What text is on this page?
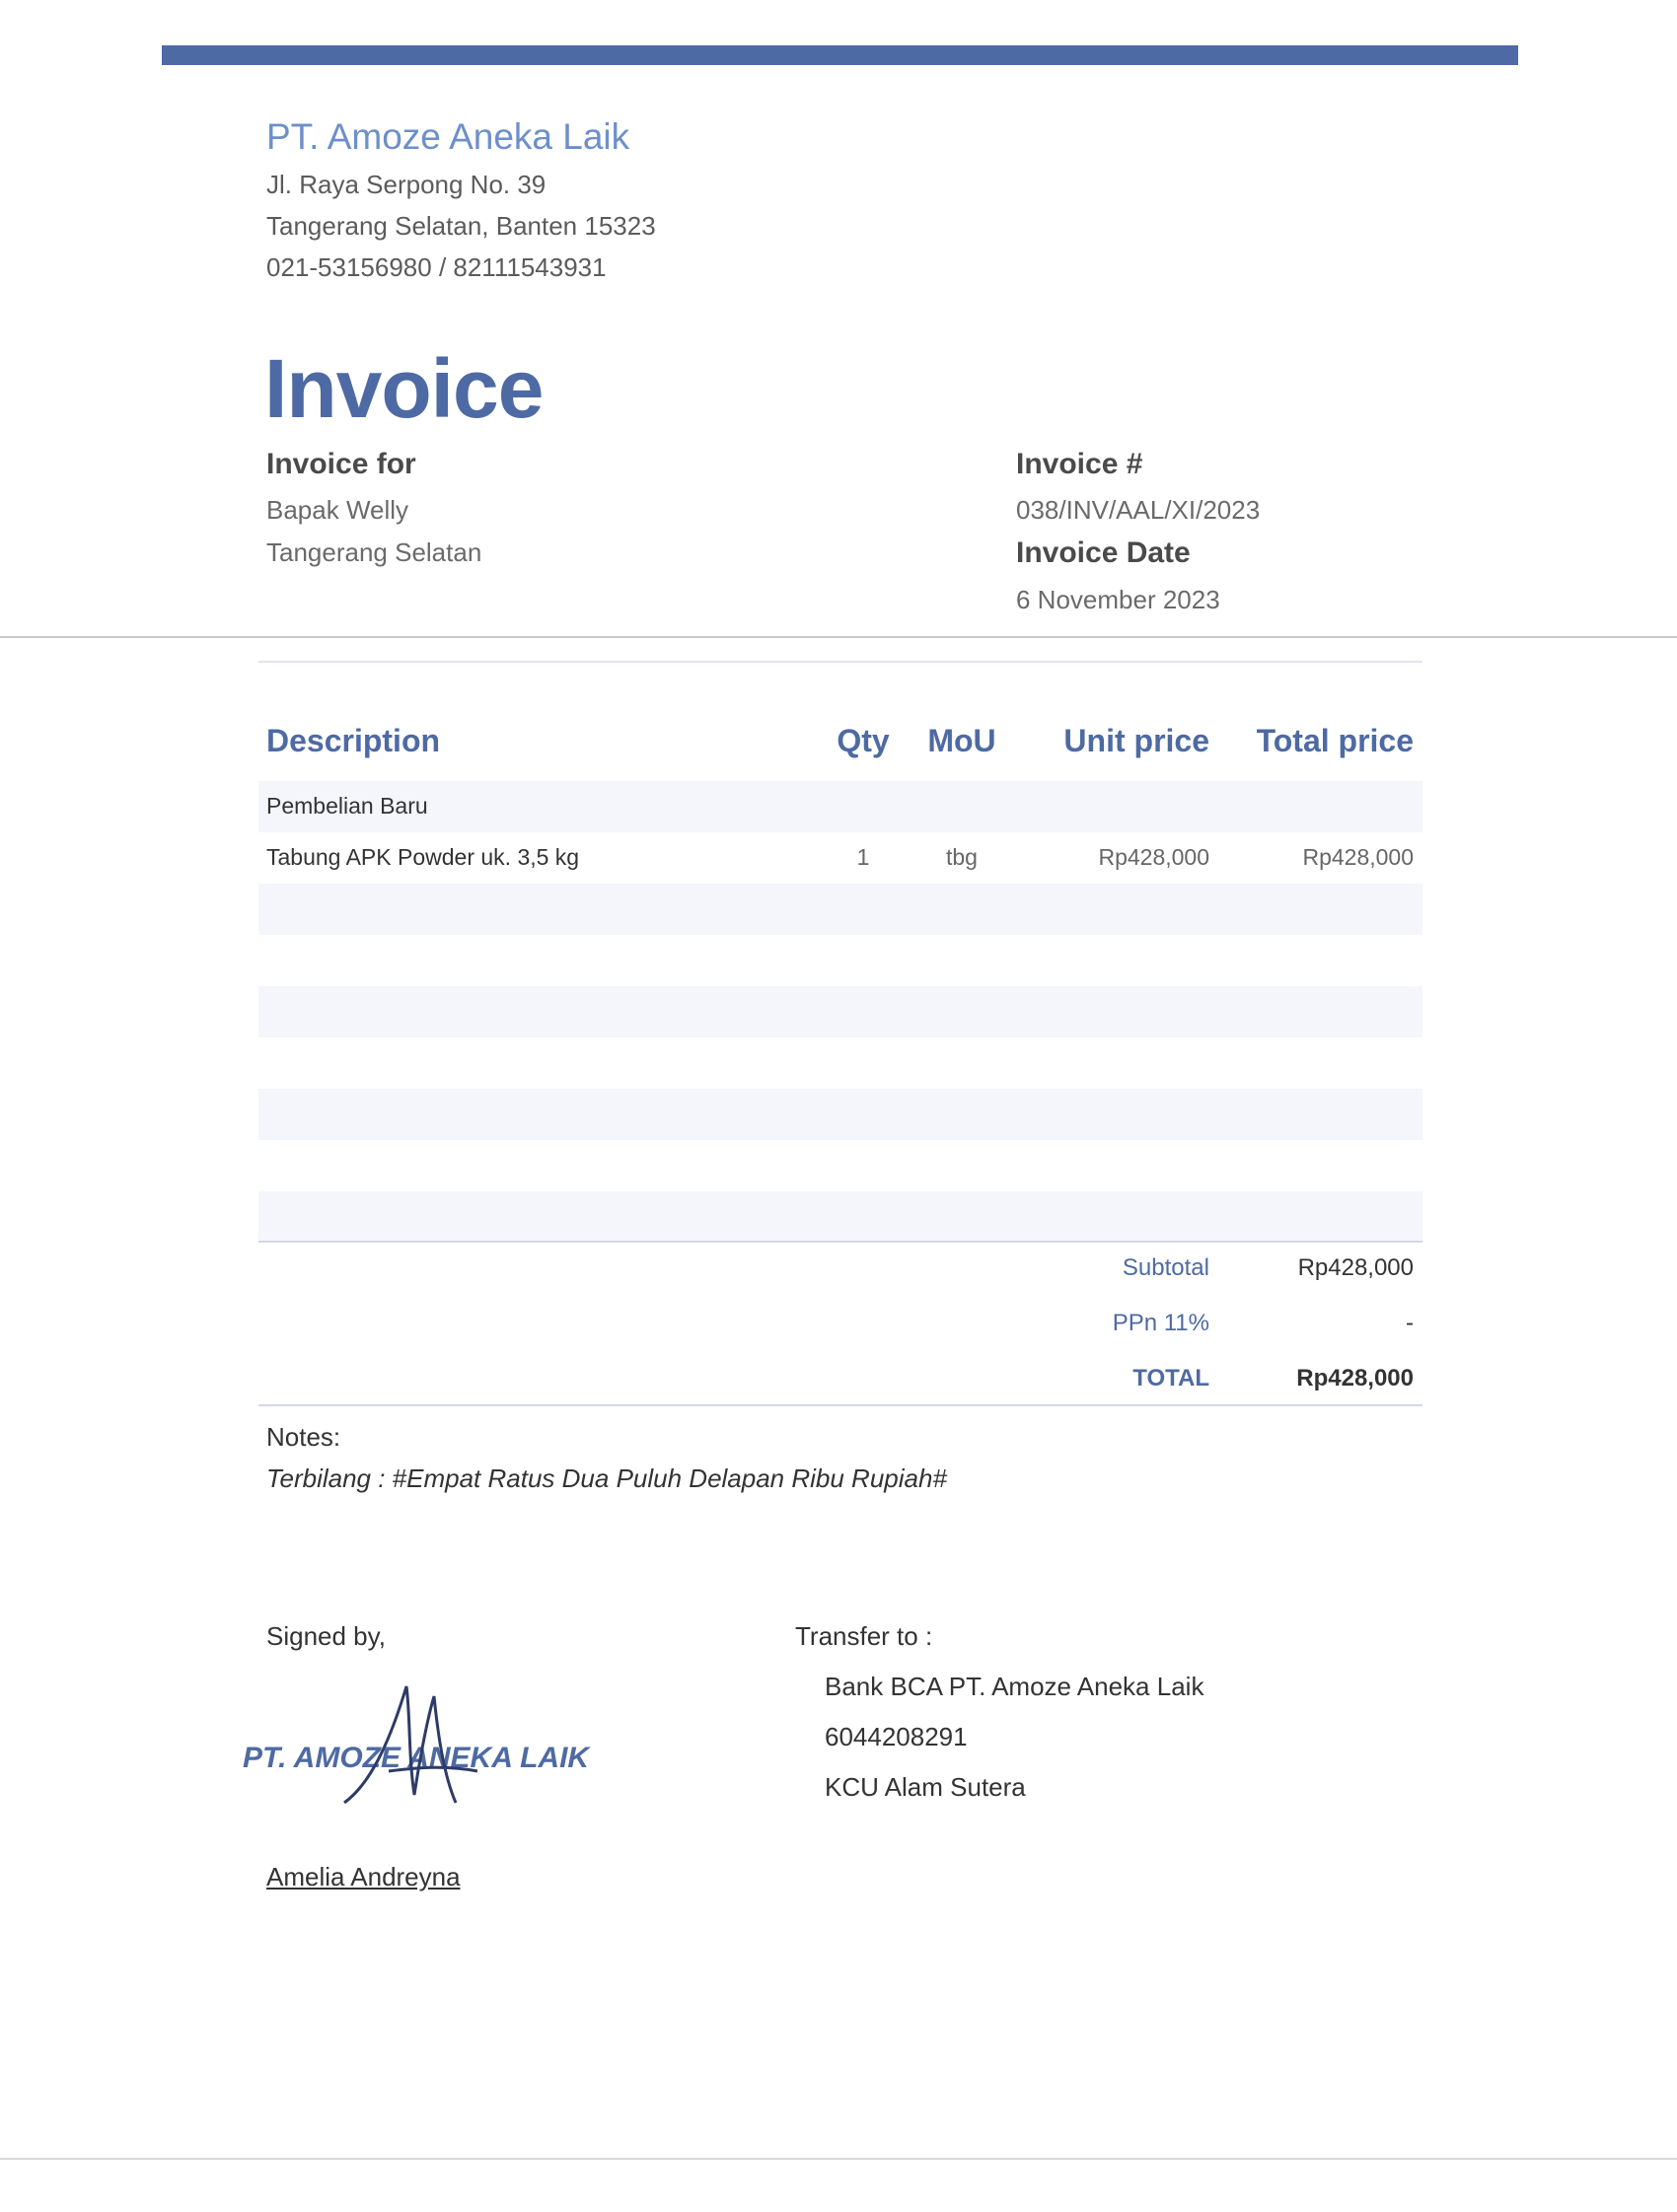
PT. Amoze Aneka Laik
Jl. Raya Serpong No. 39
Tangerang Selatan, Banten 15323
021-53156980 / 82111543931
Invoice
Invoice for
Bapak Welly
Tangerang Selatan
Invoice #
038/INV/AAL/XI/2023
Invoice Date
6 November 2023
Description	Qty	MoU	Unit price	Total price
Pembelian Baru
Tabung APK Powder uk. 3,5 kg	1	tbg	Rp428,000	Rp428,000
Subtotal	Rp428,000
PPn 11%	-
TOTAL	Rp428,000
Notes:
Terbilang : #Empat Ratus Dua Puluh Delapan Ribu Rupiah#
Signed by,
PT. AMOZE ANEKA LAIK
Amelia Andreyna
Transfer to :
Bank BCA PT. Amoze Aneka Laik
6044208291
KCU Alam Sutera
